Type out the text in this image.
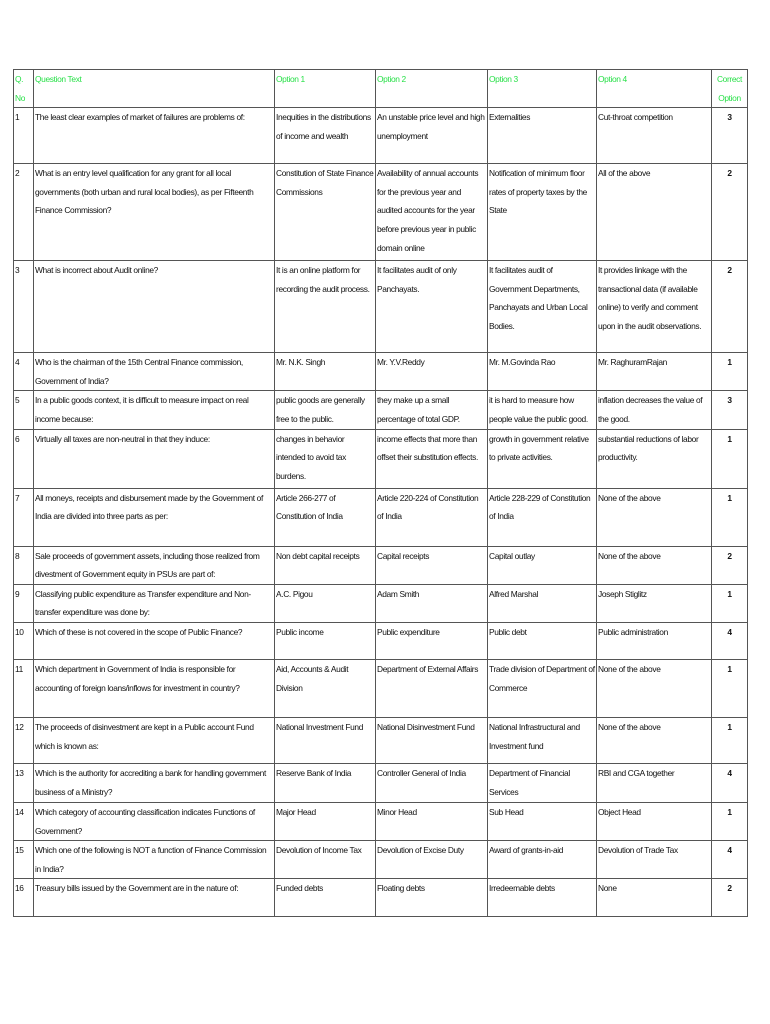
Q. No	Question Text	Option 1	Option 2	Option 3	Option 4	Correct Option
1	The least clear examples of market of failures are problems of:	Inequities in the distributions of income and wealth	An unstable price level and high unemployment	Externalities	Cut-throat competition	3
2	What is an entry level qualification for any grant for all local governments (both urban and rural local bodies), as per Fifteenth Finance Commission?	Constitution of State Finance Commissions	Availability of annual accounts for the previous year and audited accounts for the year before previous year in public domain online	Notification of minimum floor rates of property taxes by the State	All of the above	2
3	What is incorrect about Audit online?	It is an online platform for recording the audit process.	It facilitates audit of only Panchayats.	It facilitates audit of Government Departments, Panchayats and Urban Local Bodies.	It provides linkage with the transactional data (if available online) to verify and comment upon in the audit observations.	2
4	Who is the chairman of the 15th Central Finance commission, Government of India?	Mr. N.K. Singh	Mr. Y.V.Reddy	Mr. M.Govinda Rao	Mr. RaghuramRajan	1
5	In a public goods context, it is difficult to measure impact on real income because:	public goods are generally free to the public.	they make up a small percentage of total GDP.	it is hard to measure how people value the public good.	inflation decreases the value of the good.	3
6	Virtually all taxes are non-neutral in that they induce:	changes in behavior intended to avoid tax burdens.	income effects that more than offset their substitution effects.	growth in government relative to private activities.	substantial reductions of labor productivity.	1
7	All moneys, receipts and disbursement made by the Government of India are divided into three parts as per:	Article 266-277 of Constitution of India	Article 220-224 of Constitution of India	Article 228-229 of Constitution of India	None of the above	1
8	Sale proceeds of government assets, including those realized from divestment of Government equity in PSUs are part of:	Non debt capital receipts	Capital receipts	Capital outlay	None of the above	2
9	Classifying public expenditure as Transfer expenditure and Non-transfer expenditure was done by:	A.C. Pigou	Adam Smith	Alfred Marshal	Joseph Stiglitz	1
10	Which of these is not covered in the scope of Public Finance?	Public income	Public expenditure	Public debt	Public administration	4
11	Which department in Government of India is responsible for accounting of foreign loans/inflows for investment in country?	Aid, Accounts & Audit Division	Department of External Affairs	Trade division of Department of Commerce	None of the above	1
12	The proceeds of disinvestment are kept in a Public account Fund which is known as:	National Investment Fund	National Disinvestment Fund	National Infrastructural and Investment fund	None of the above	1
13	Which is the authority for accrediting a bank for handling government business of a Ministry?	Reserve Bank of India	Controller General of India	Department of Financial Services	RBI and CGA together	4
14	Which category of accounting classification indicates Functions of Government?	Major Head	Minor Head	Sub Head	Object Head	1
15	Which one of the following is NOT a function of Finance Commission in India?	Devolution of Income Tax	Devolution of Excise Duty	Award of grants-in-aid	Devolution of Trade Tax	4
16	Treasury bills issued by the Government are in the nature of:	Funded debts	Floating debts	Irredeemable debts	None	2
